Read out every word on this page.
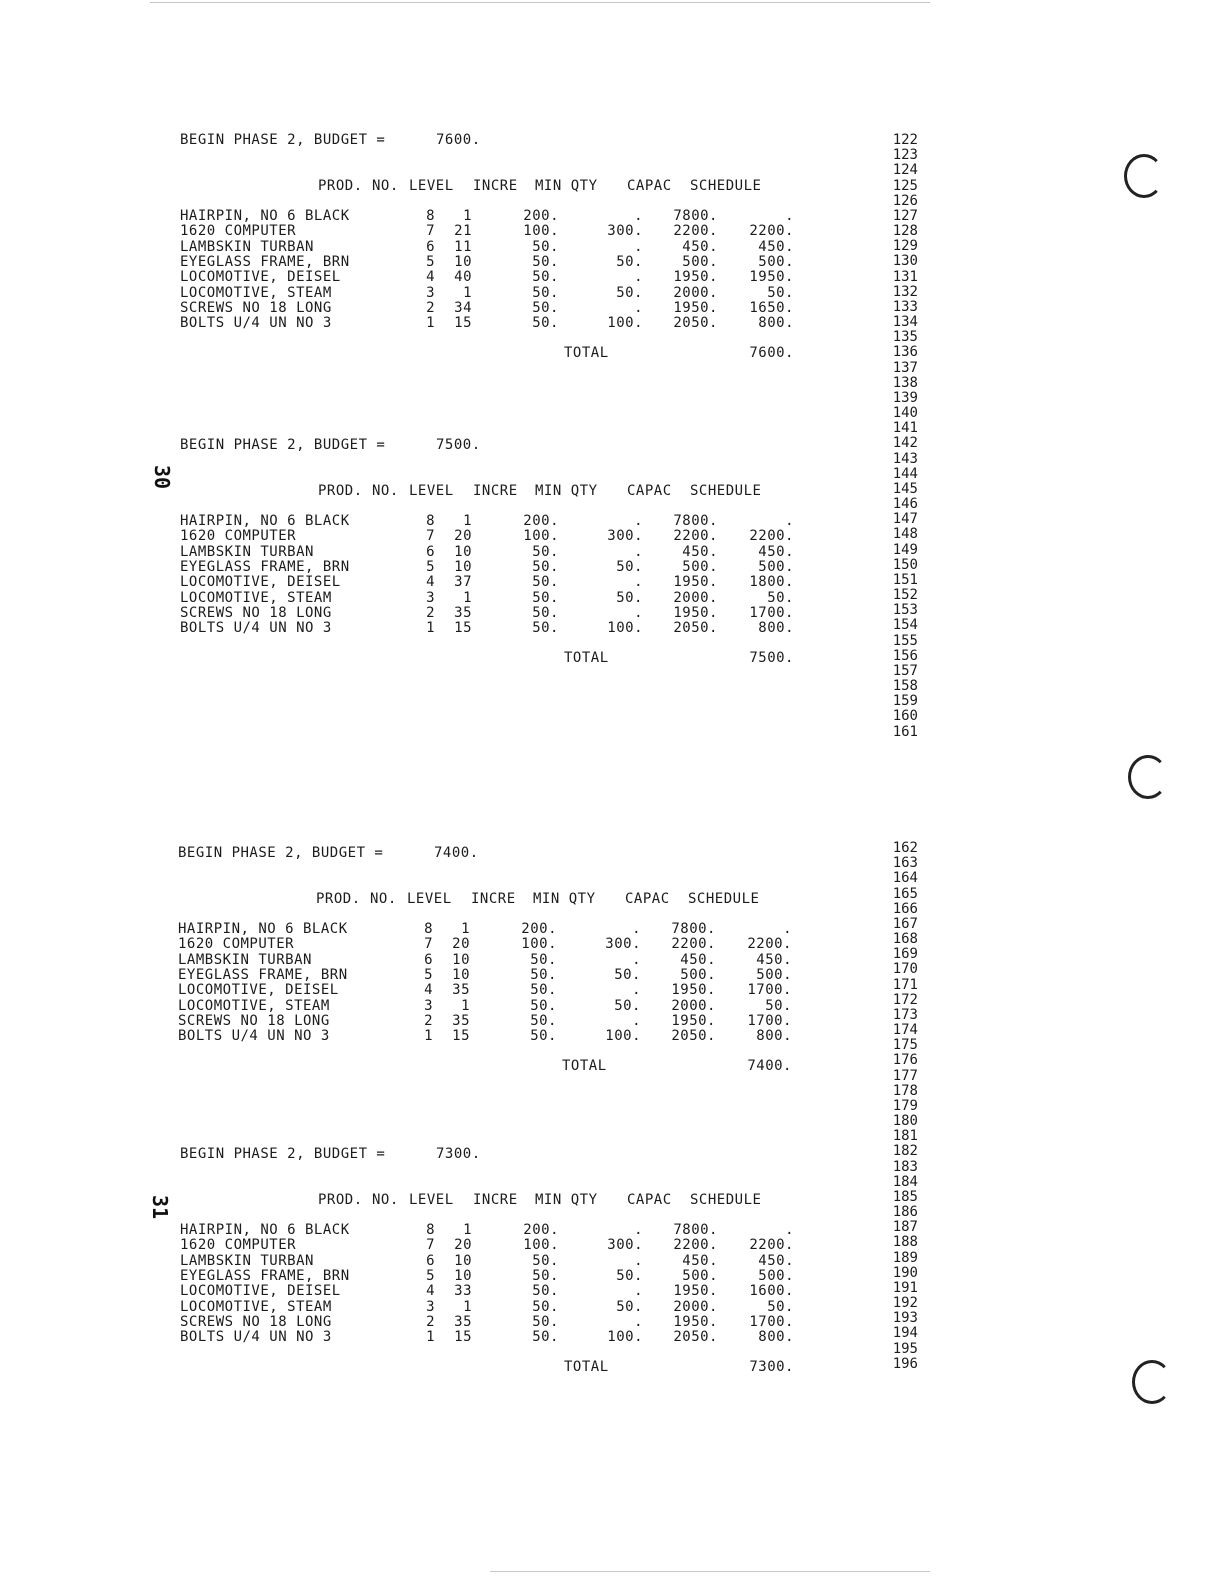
30
31
BEGIN PHASE 2, BUDGET =	7600.
PROD. NO. LEVEL INCRE MIN QTY CAPAC SCHEDULE
HAIRPIN, NO 6 BLACK	8	1	200.	. 7800.	.
1620 COMPUTER	7	21	100.	300. 2200.	2200.
LAMBSKIN TURBAN	6	11	50.	.	450.	450.
EYEGLASS FRAME, BRN	5	10	50.	50.	500.	500.
LOCOMOTIVE, DEISEL	4	40	50.	. 1950.	1950.
LOCOMOTIVE, STEAM	3	1	50.	50. 2000.	50.
SCREWS NO 18 LONG	2	34	50.	. 1950.	1650.
BOLTS U/4 UN NO 3	1	15	50.	100. 2050.	800.
TOTAL	7600.
BEGIN PHASE 2, BUDGET =	7500.
PROD. NO. LEVEL INCRE MIN QTY CAPAC SCHEDULE
HAIRPIN, NO 6 BLACK	8	1	200.	. 7800.	.
1620 COMPUTER	7	20	100.	300. 2200.	2200.
LAMBSKIN TURBAN	6	10	50.	.	450.	450.
EYEGLASS FRAME, BRN	5	10	50.	50.	500.	500.
LOCOMOTIVE, DEISEL	4	37	50.	. 1950.	1800.
LOCOMOTIVE, STEAM	3	1	50.	50. 2000.	50.
SCREWS NO 18 LONG	2	35	50.	. 1950.	1700.
BOLTS U/4 UN NO 3	1	15	50.	100. 2050.	800.
TOTAL	7500.
BEGIN PHASE 2, BUDGET =	7400.
PROD. NO. LEVEL INCRE MIN QTY CAPAC SCHEDULE
HAIRPIN, NO 6 BLACK	8	1	200.	. 7800.	.
1620 COMPUTER	7	20	100.	300. 2200.	2200.
LAMBSKIN TURBAN	6	10	50.	.	450.	450.
EYEGLASS FRAME, BRN	5	10	50.	50.	500.	500.
LOCOMOTIVE, DEISEL	4	35	50.	. 1950.	1700.
LOCOMOTIVE, STEAM	3	1	50.	50. 2000.	50.
SCREWS NO 18 LONG	2	35	50.	. 1950.	1700.
BOLTS U/4 UN NO 3	1	15	50.	100. 2050.	800.
TOTAL	7400.
BEGIN PHASE 2, BUDGET =	7300.
PROD. NO. LEVEL INCRE MIN QTY CAPAC SCHEDULE
HAIRPIN, NO 6 BLACK	8	1	200.	. 7800.	.
1620 COMPUTER	7	20	100.	300. 2200.	2200.
LAMBSKIN TURBAN	6	10	50.	.	450.	450.
EYEGLASS FRAME, BRN	5	10	50.	50.	500.	500.
LOCOMOTIVE, DEISEL	4	33	50.	. 1950.	1600.
LOCOMOTIVE, STEAM	3	1	50.	50. 2000.	50.
SCREWS NO 18 LONG	2	35	50.	. 1950.	1700.
BOLTS U/4 UN NO 3	1	15	50.	100. 2050.	800.
TOTAL	7300.
122
123
124
125
126
127
128
129
130
131
132
133
134
135
136
137
138
139
140
141
142
143
144
145
146
147
148
149
150
151
152
153
154
155
156
157
158
159
160
161
162
163
164
165
166
167
168
169
170
171
172
173
174
175
176
177
178
179
180
181
182
183
184
185
186
187
188
189
190
191
192
193
194
195
196
